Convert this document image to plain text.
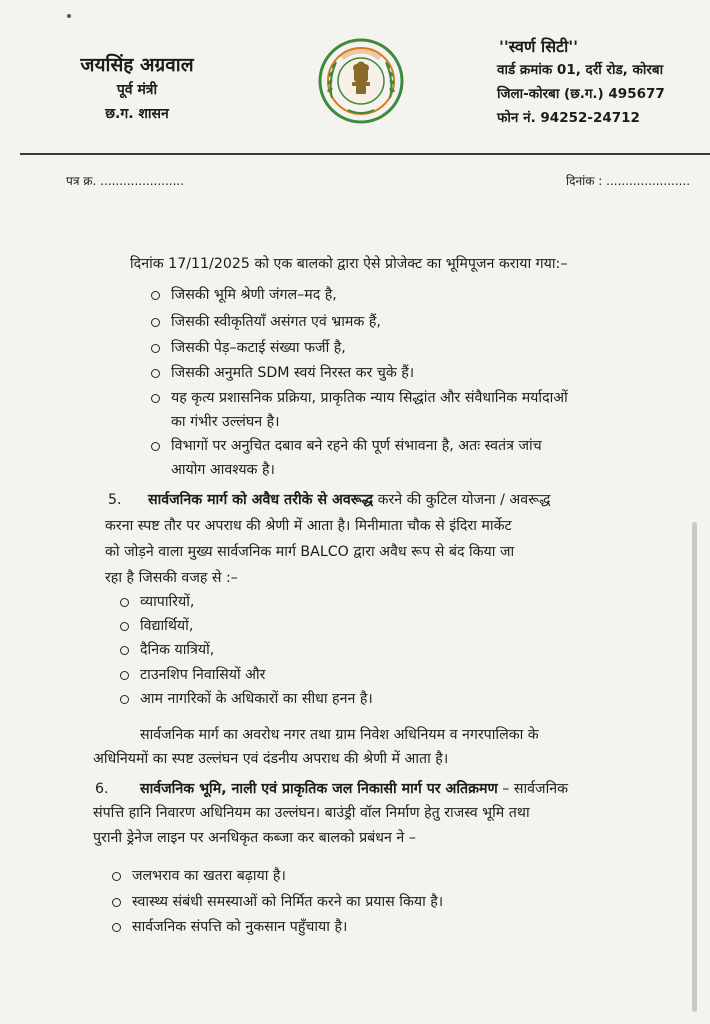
जयसिंह अग्रवाल
पूर्व मंत्री
छ.ग. शासन
''स्वर्ण सिटी''
वार्ड क्रमांक 01, दर्री रोड, कोरबा
जिला-कोरबा (छ.ग.) 495677
फोन नं. 94252-24712
पत्र क्र. ......................	दिनांक : ......................
दिनांक 17/11/2025 को एक बालको द्वारा ऐसे प्रोजेक्ट का भूमिपूजन कराया गया:–
जिसकी भूमि श्रेणी जंगल–मद है,
जिसकी स्वीकृतियाँ असंगत एवं भ्रामक हैं,
जिसकी पेड़–कटाई संख्या फर्जी है,
जिसकी अनुमति SDM स्वयं निरस्त कर चुके हैं।
यह कृत्य प्रशासनिक प्रक्रिया, प्राकृतिक न्याय सिद्धांत और संवैधानिक मर्यादाओं
का गंभीर उल्लंघन है।
विभागों पर अनुचित दबाव बने रहने की पूर्ण संभावना है, अतः स्वतंत्र जांच
आयोग आवश्यक है।
5. सार्वजनिक मार्ग को अवैध तरीके से अवरूद्ध करने की कुटिल योजना / अवरूद्ध
करना स्पष्ट तौर पर अपराध की श्रेणी में आता है। मिनीमाता चौक से इंदिरा मार्केट
को जोड़ने वाला मुख्य सार्वजनिक मार्ग BALCO द्वारा अवैध रूप से बंद किया जा
रहा है जिसकी वजह से :–
व्यापारियों,
विद्यार्थियों,
दैनिक यात्रियों,
टाउनशिप निवासियों और
आम नागरिकों के अधिकारों का सीधा हनन है।
सार्वजनिक मार्ग का अवरोध नगर तथा ग्राम निवेश अधिनियम व नगरपालिका के
अधिनियमों का स्पष्ट उल्लंघन एवं दंडनीय अपराध की श्रेणी में आता है।
6. सार्वजनिक भूमि, नाली एवं प्राकृतिक जल निकासी मार्ग पर अतिक्रमण – सार्वजनिक
संपत्ति हानि निवारण अधिनियम का उल्लंघन। बाउंड्री वॉल निर्माण हेतु राजस्व भूमि तथा
पुरानी ड्रेनेज लाइन पर अनधिकृत कब्जा कर बालको प्रबंधन ने –
जलभराव का खतरा बढ़ाया है।
स्वास्थ्य संबंधी समस्याओं को निर्मित करने का प्रयास किया है।
सार्वजनिक संपत्ति को नुकसान पहुँचाया है।
